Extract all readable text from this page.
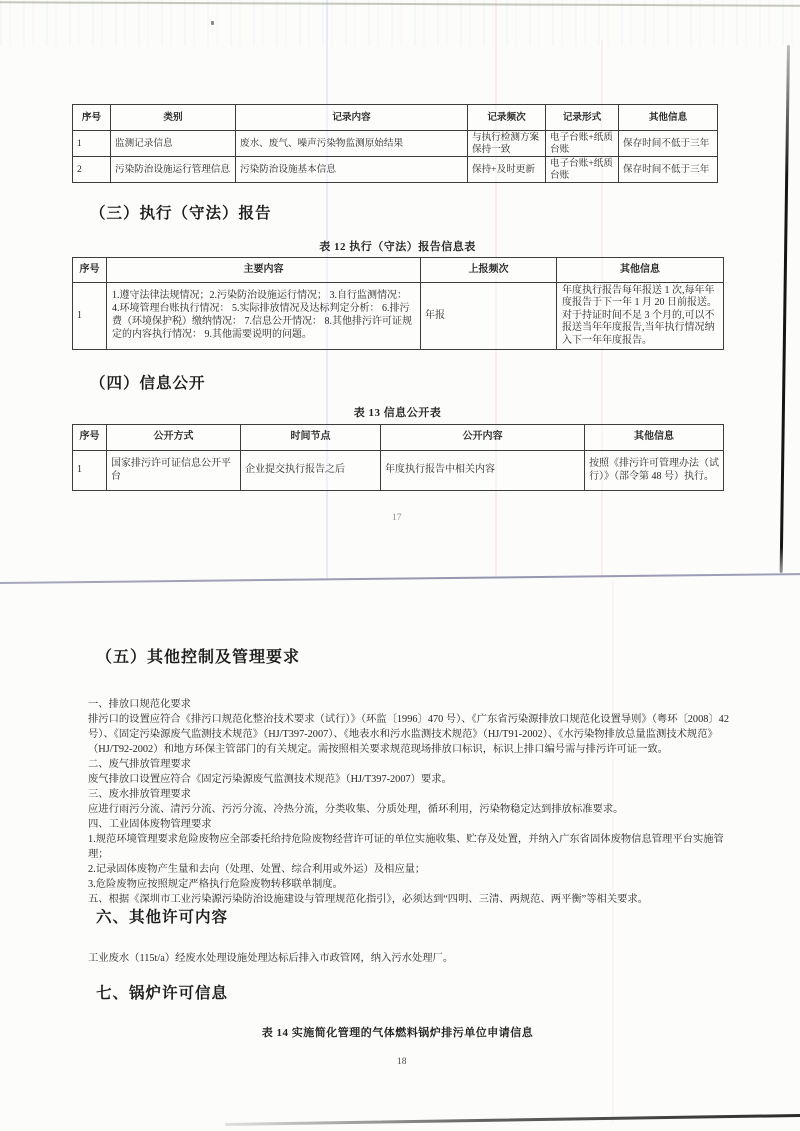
序号	类别	记录内容	记录频次	记录形式	其他信息
1	监测记录信息	废水、废气、噪声污染物监测原始结果	与执行检测方案保持一致	电子台账+纸质台账	保存时间不低于三年
2	污染防治设施运行管理信息	污染防治设施基本信息	保持+及时更新	电子台账+纸质台账	保存时间不低于三年
（三）执行（守法）报告
表 12 执行（守法）报告信息表
序号	主要内容	上报频次	其他信息
1	1.遵守法律法规情况；2.污染防治设施运行情况； 3.自行监测情况： 4.环境管理台账执行情况： 5.实际排放情况及达标判定分析： 6.排污费（环境保护税）缴纳情况： 7.信息公开情况： 8.其他排污许可证规定的内容执行情况： 9.其他需要说明的问题。	年报	年度执行报告每年报送 1 次,每年年度报告于下一年 1 月 20 日前报送。对于持证时间不足 3 个月的,可以不报送当年年度报告,当年执行情况纳入下一年年度报告。
（四）信息公开
表 13 信息公开表
序号	公开方式	时间节点	公开内容	其他信息
1	国家排污许可证信息公开平台	企业提交执行报告之后	年度执行报告中相关内容	按照《排污许可管理办法（试行）》（部令第 48 号）执行。
17
（五）其他控制及管理要求
一、排放口规范化要求
排污口的设置应符合《排污口规范化整治技术要求（试行）》（环监〔1996〕470 号）、《广东省污染源排放口规范化设置导则》（粤环〔2008〕42 号）、《固定污染源废气监测技术规范》（HJ/T397-2007）、《地表水和污水监测技术规范》（HJ/T91-2002）、《水污染物排放总量监测技术规范》（HJ/T92-2002）和地方环保主管部门的有关规定。需按照相关要求规范现场排放口标识，标识上排口编号需与排污许可证一致。
二、废气排放管理要求
废气排放口设置应符合《固定污染源废气监测技术规范》（HJ/T397-2007）要求。
三、废水排放管理要求
应进行雨污分流、清污分流、污污分流、冷热分流，分类收集、分质处理，循环利用，污染物稳定达到排放标准要求。
四、工业固体废物管理要求
1.规范环境管理要求危险废物应全部委托给持危险废物经营许可证的单位实施收集、贮存及处置，并纳入广东省固体废物信息管理平台实施管理；
2.记录固体废物产生量和去向（处理、处置、综合利用或外运）及相应量；
3.危险废物应按照规定严格执行危险废物转移联单制度。
五、根据《深圳市工业污染源污染防治设施建设与管理规范化指引》，必须达到“四明、三清、两规范、两平衡”等相关要求。
六、其他许可内容
工业废水（115t/a）经废水处理设施处理达标后排入市政管网，纳入污水处理厂。
七、锅炉许可信息
表 14 实施简化管理的气体燃料锅炉排污单位申请信息
18
